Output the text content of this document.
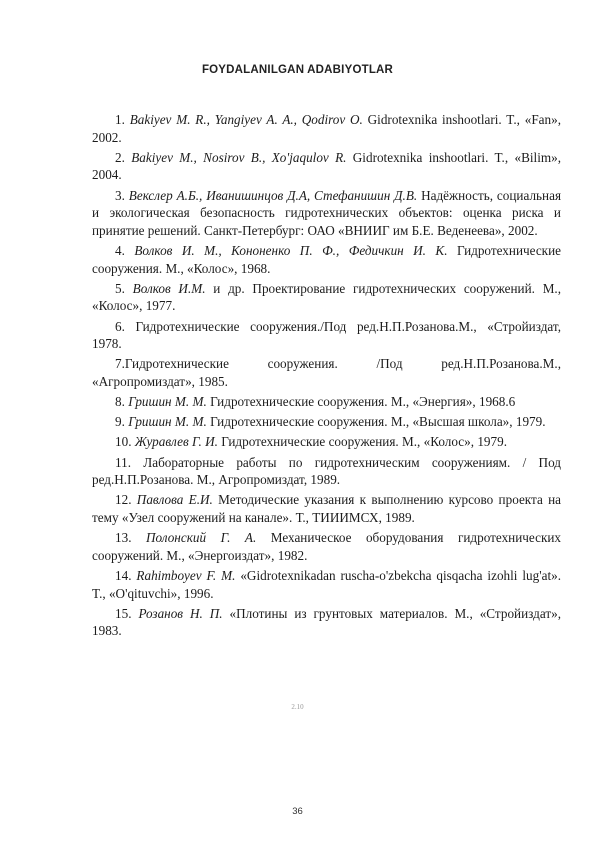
FOYDALANILGAN ADABIYOTLAR
1. Bakiyev M. R., Yangiyev A. A., Qodirov O. Gidrotexnika inshootlari. T., «Fan», 2002.
2. Bakiyev M., Nosirov B., Xo'jaqulov R. Gidrotexnika inshootlari. T., «Bilim», 2004.
3. Векслер А.Б., Иванишинцов Д.А, Стефанишин Д.В. Надёжность, социальная и экологическая безопасность гидротехнических объектов: оценка риска и принятие решений. Санкт-Петербург: ОАО «ВНИИГ им Б.Е. Веденеева», 2002.
4. Волков И. М., Кононенко П. Ф., Федичкин И. К. Гидротехнические сооружения. М., «Колос», 1968.
5. Волков И.М. и др. Проектирование гидротехнических сооружений. М., «Колос», 1977.
6. Гидротехнические сооружения./Под ред.Н.П.Розанова.М., «Стройиздат, 1978.
7.Гидротехнические сооружения. /Под ред.Н.П.Розанова.М., «Агропромиздат», 1985.
8. Гришин М. М. Гидротехнические сооружения. М., «Энергия», 1968.6
9. Гришин М. М. Гидротехнические сооружения. М., «Высшая школа», 1979.
10. Журавлев Г. И. Гидротехнические сооружения. М., «Колос», 1979.
11. Лабораторные работы по гидротехническим сооружениям. / Под ред.Н.П.Розанова. М., Агропромиздат, 1989.
12. Павлова Е.И. Методические указания к выполнению курсово проекта на тему «Узел сооружений на канале». Т., ТИИИМСХ, 1989.
13. Полонский Г. А. Механическое оборудования гидротехнических сооружений. М., «Энергоиздат», 1982.
14. Rahimboyev F. M. «Gidrotexnikadan ruscha-o'zbekcha qisqacha izohli lug'at». T., «O'qituvchi», 1996.
15. Розанов Н. П. «Плотины из грунтовых материалов. М., «Стройиздат», 1983.
2.10
36
